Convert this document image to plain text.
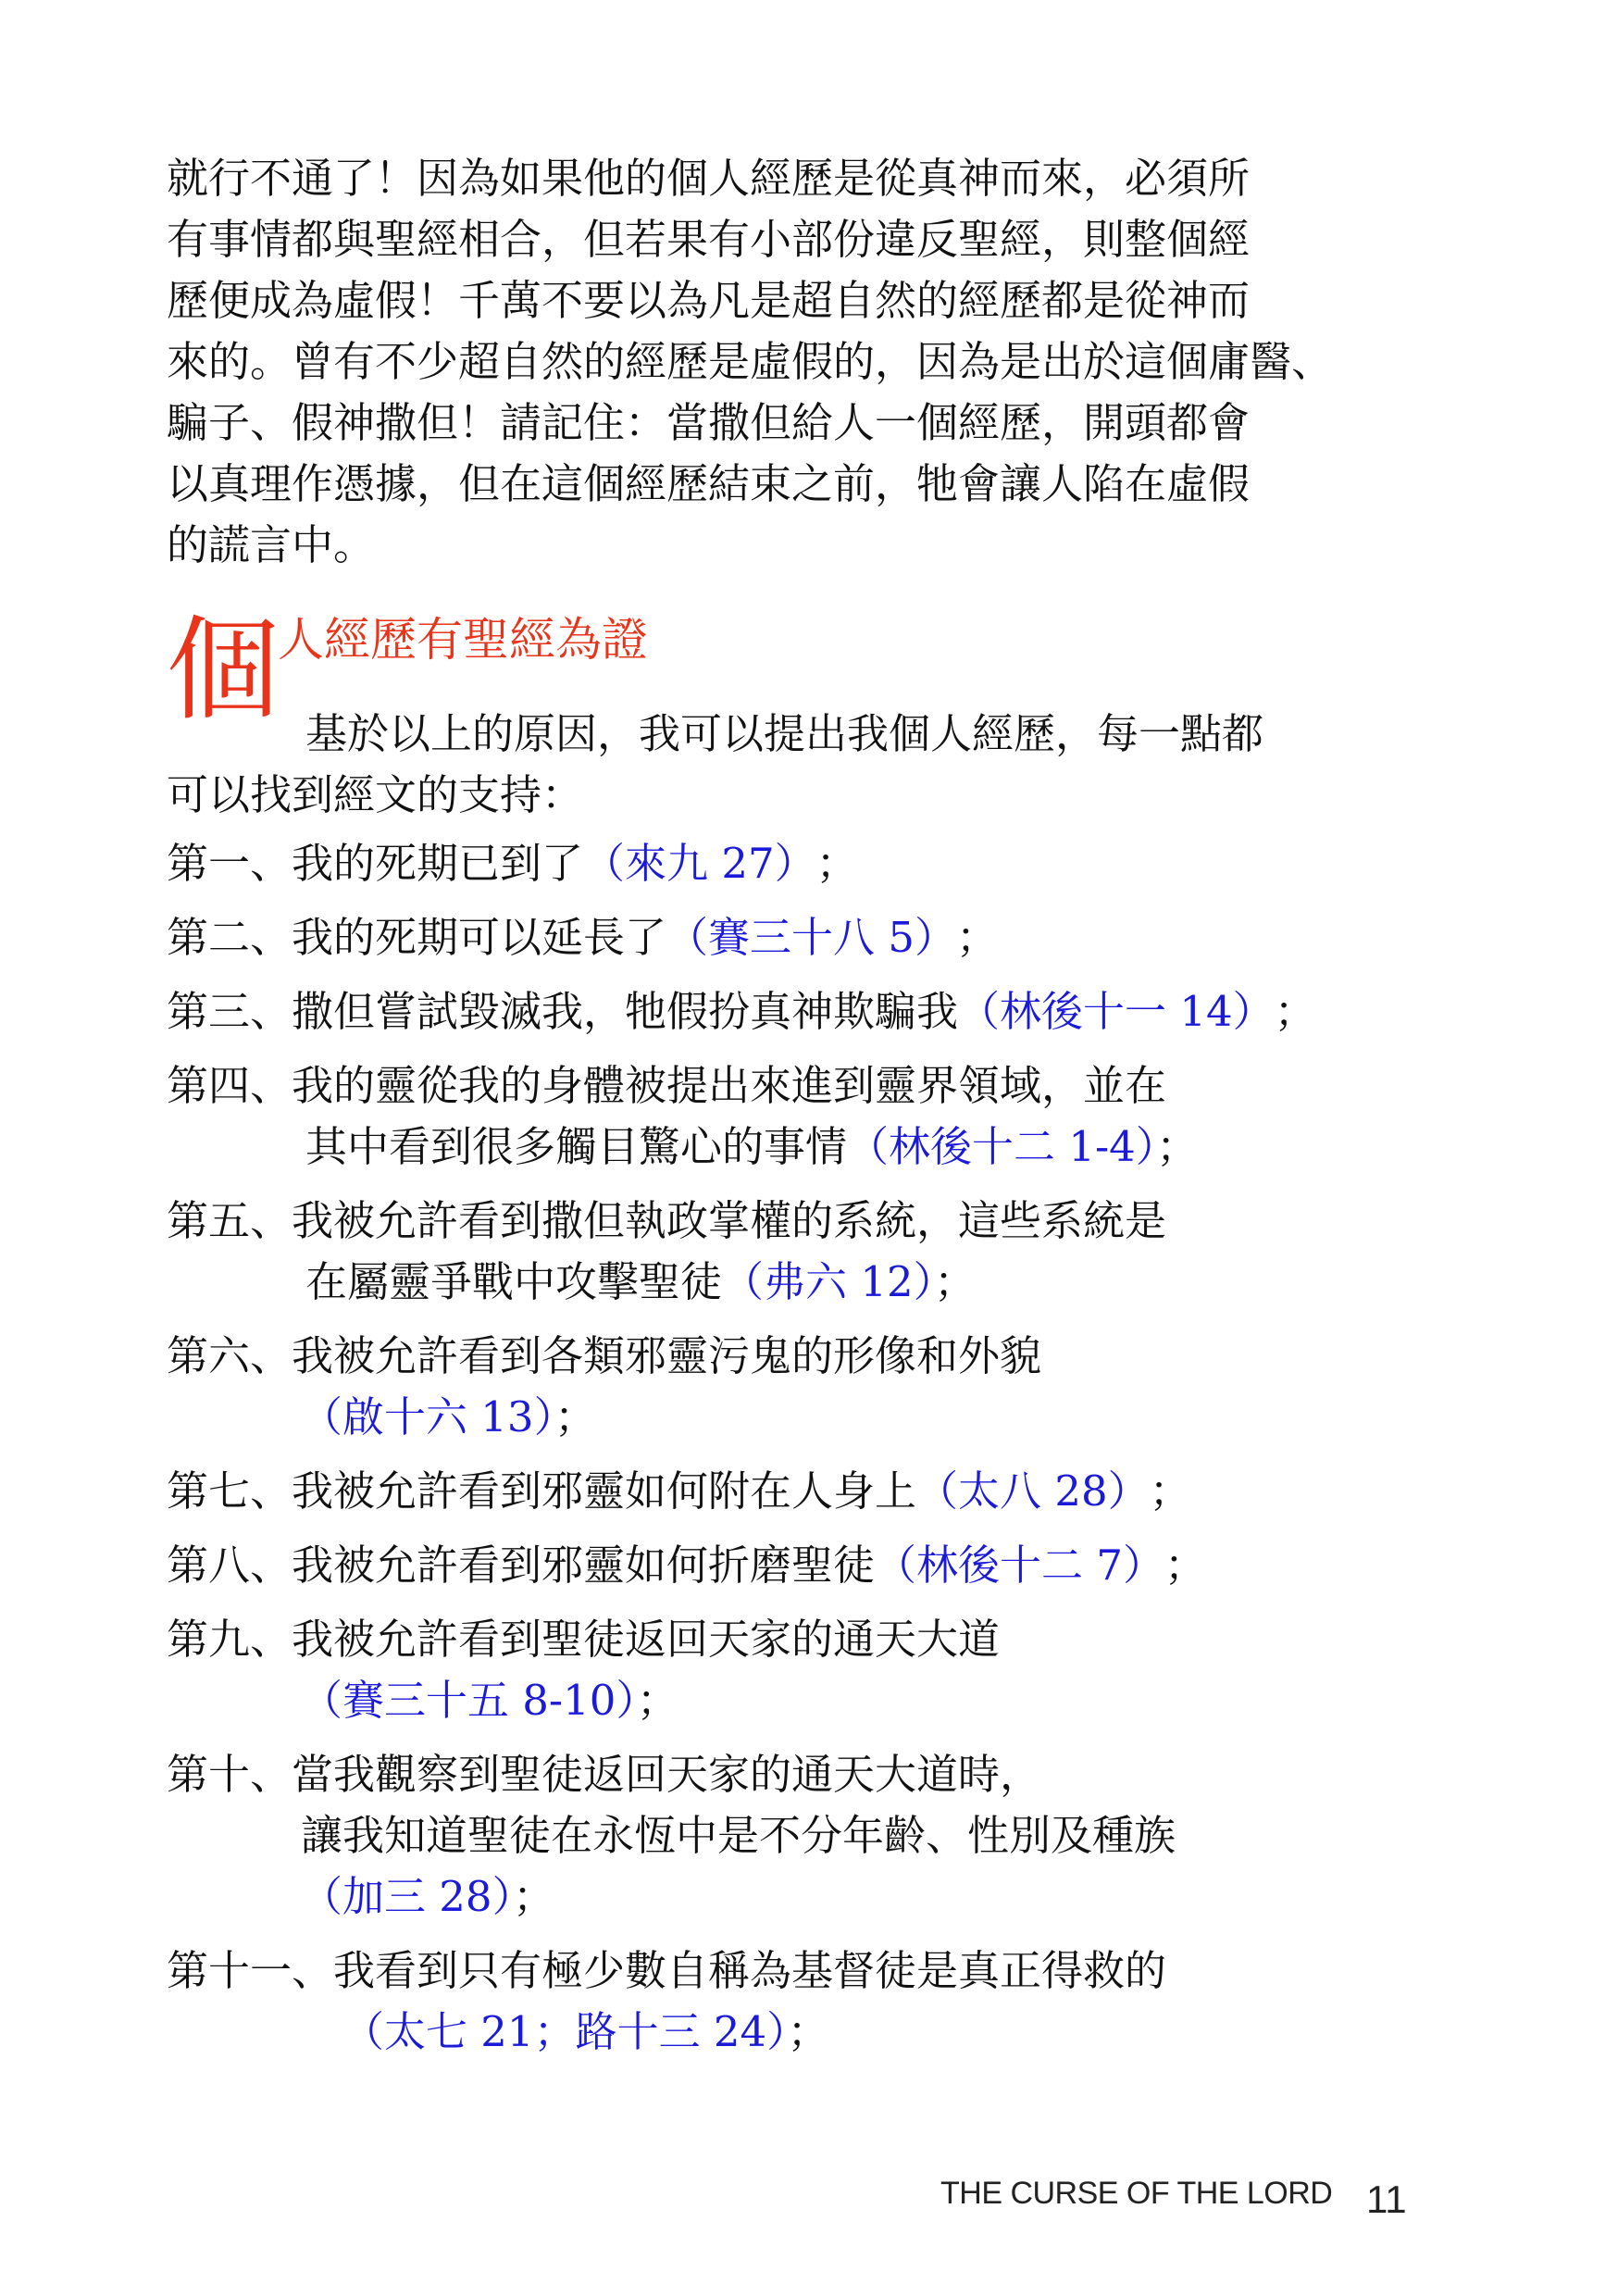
就行不通了！因為如果他的個人經歷是從真神而來，必須所
有事情都與聖經相合，但若果有小部份違反聖經，則整個經
歷便成為虛假！千萬不要以為凡是超自然的經歷都是從神而
來的。曾有不少超自然的經歷是虛假的，因為是出於這個庸醫、
騙子、假神撒但！請記住：當撒但給人一個經歷，開頭都會
以真理作憑據，但在這個經歷結束之前，牠會讓人陷在虛假
的謊言中。

個
人經歷有聖經為證
基於以上的原因，我可以提出我個人經歷，每一點都
可以找到經文的支持：
第一、 我的死期已到了 （來九 27） ；
第二、 我的死期可以延長了 （賽三十八 5） ；
第三、 撒但嘗試毀滅我，牠假扮真神欺騙我 （林後十一 14） ；
第四、 我的靈從我的身體被提出來進到靈界領域，並在
其中看到很多觸目驚心的事情（林後十二 1-4）；
第五、 我被允許看到撒但執政掌權的系統，這些系統是
在屬靈爭戰中攻擊聖徒（弗六 12）；
第六、 我被允許看到各類邪靈污鬼的形像和外貌
（啟十六 13）；
第七、 我被允許看到邪靈如何附在人身上 （太八 28） ；
第八、 我被允許看到邪靈如何折磨聖徒 （林後十二 7） ；
第九、 我被允許看到聖徒返回天家的通天大道
（賽三十五 8-10）；
第十、 當我觀察到聖徒返回天家的通天大道時，
讓我知道聖徒在永恆中是不分年齡、性別及種族
（加三 28）；
第十一、 我看到只有極少數自稱為基督徒是真正得救的
（太七 21；路十三 24）；
THE CURSE OF THE LORD 11
